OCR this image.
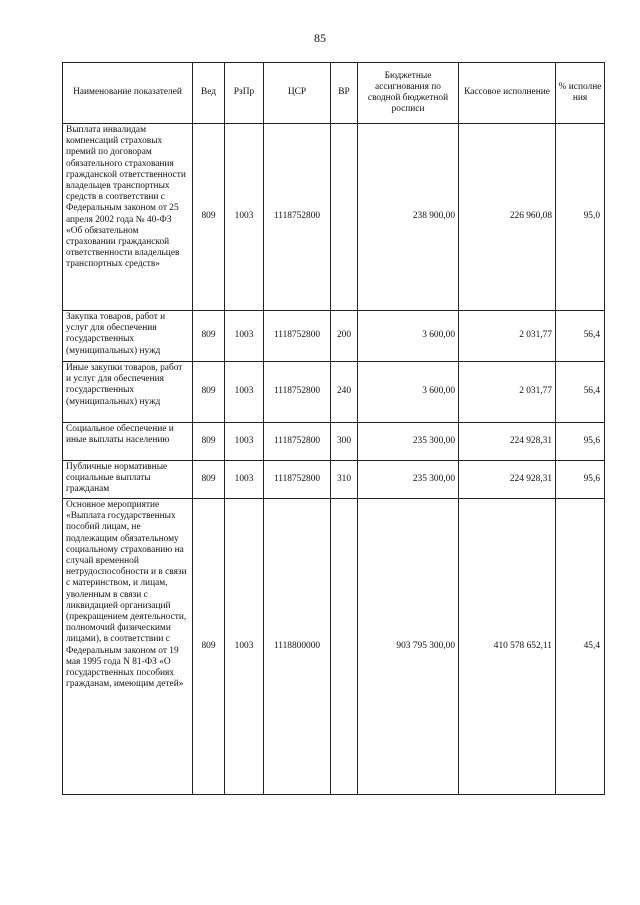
85
Наименование показателей	Вед	РзПр	ЦСР	ВР	Бюджетные ассигнования по сводной бюджетной росписи	Кассовое исполнение	% исполне ния
Выплата инвалидам компенсаций страховых премий по договорам обязательного страхования гражданской ответственности владельцев транспортных средств в соответствии с Федеральным законом от 25 апреля 2002 года № 40-ФЗ «Об обязательном страховании гражданской ответственности владельцев транспортных средств»	809	1003	1118752800		238 900,00	226 960,08	95,0
Закупка товаров, работ и услуг для обеспечения государственных (муниципальных) нужд	809	1003	1118752800	200	3 600,00	2 031,77	56,4
Иные закупки товаров, работ и услуг для обеспечения государственных (муниципальных) нужд	809	1003	1118752800	240	3 600,00	2 031,77	56,4
Социальное обеспечение и иные выплаты населению	809	1003	1118752800	300	235 300,00	224 928,31	95,6
Публичные нормативные социальные выплаты гражданам	809	1003	1118752800	310	235 300,00	224 928,31	95,6
Основное мероприятие «Выплата государственных пособий лицам, не подлежащим обязательному социальному страхованию на случай временной нетрудоспособности и в связи с материнством, и лицам, уволенным в связи с ликвидацией организаций (прекращением деятельности, полномочий физическими лицами), в соответствии с Федеральным законом от 19 мая 1995 года N 81-ФЗ «О государственных пособиях гражданам, имеющим детей»	809	1003	1118800000		903 795 300,00	410 578 652,11	45,4
